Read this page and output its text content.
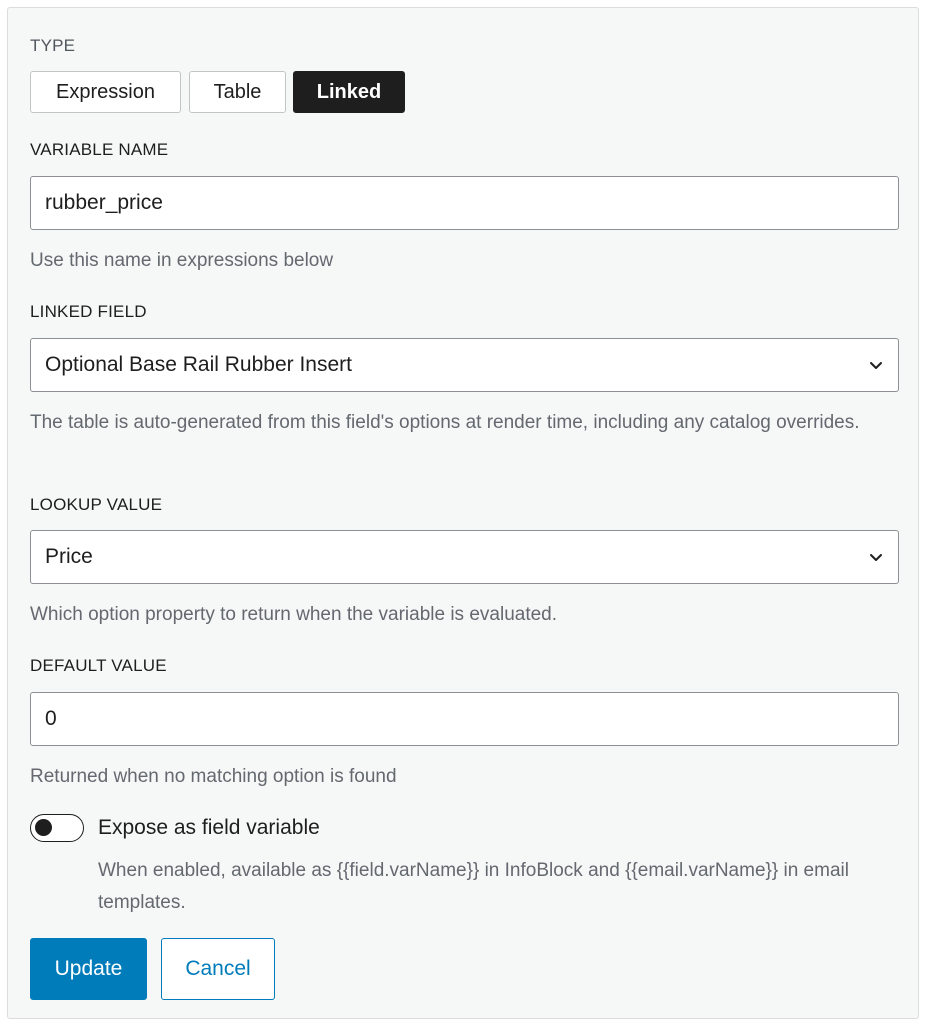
TYPE

Expression	Table	Linked

VARIABLE NAME

rubber_price

Use this name in expressions below

LINKED FIELD

Optional Base Rail Rubber Insert

The table is auto-generated from this field's options at render time, including any catalog overrides.

LOOKUP VALUE

Price

Which option property to return when the variable is evaluated.

DEFAULT VALUE

0

Returned when no matching option is found

Expose as field variable

When enabled, available as {{field.varName}} in InfoBlock and {{email.varName}} in email templates.

Update	Cancel
